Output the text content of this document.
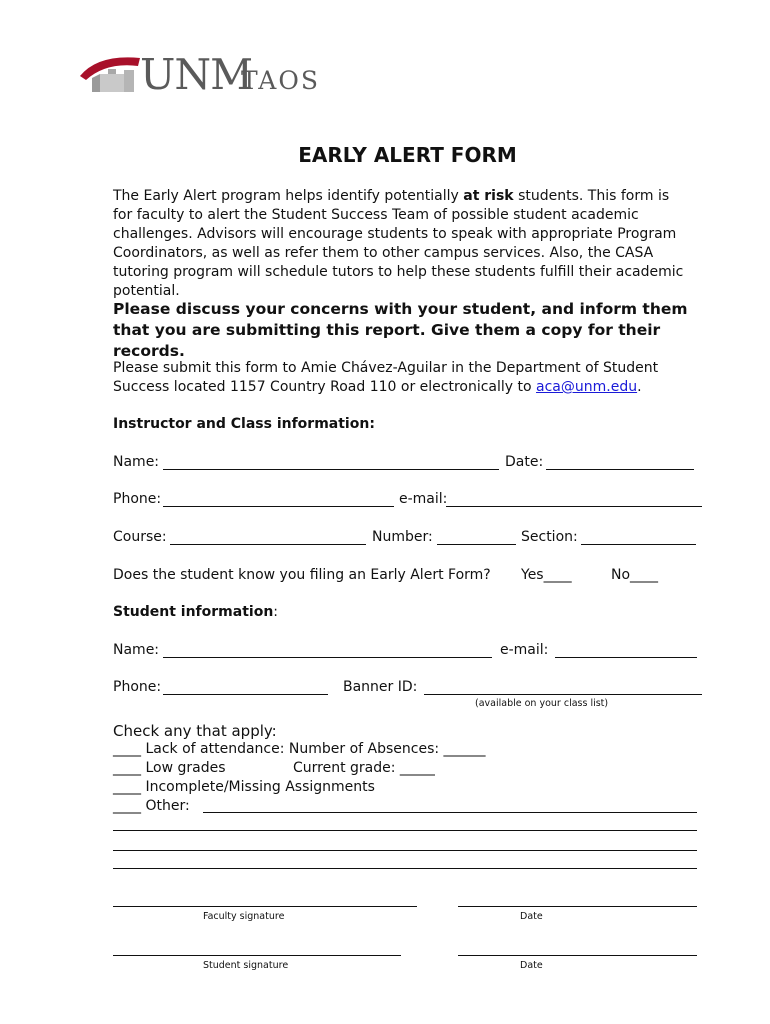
UNM
TAOS
EARLY ALERT FORM
The Early Alert program helps identify potentially at risk students. This form is for faculty to alert the Student Success Team of possible student academic challenges. Advisors will encourage students to speak with appropriate Program Coordinators, as well as refer them to other campus services. Also, the CASA tutoring program will schedule tutors to help these students fulfill their academic potential.
Please discuss your concerns with your student, and inform them that you are submitting this report. Give them a copy for their records.
Please submit this form to Amie Chávez-Aguilar in the Department of Student Success located 1157 Country Road 110 or electronically to aca@unm.edu.
Instructor and Class information:
Name:	Date:
Phone:	e-mail:
Course:	Number:	Section:
Does the student know you filing an Early Alert Form? Yes____	No____
Student information:
Name:	e-mail:
Phone:	Banner ID:
(available on your class list)
Check any that apply:
____ Lack of attendance: Number of Absences: ______
____ Low grades	Current grade: _____
____ Incomplete/Missing Assignments
____ Other:
Faculty signature	Date
Student signature	Date
